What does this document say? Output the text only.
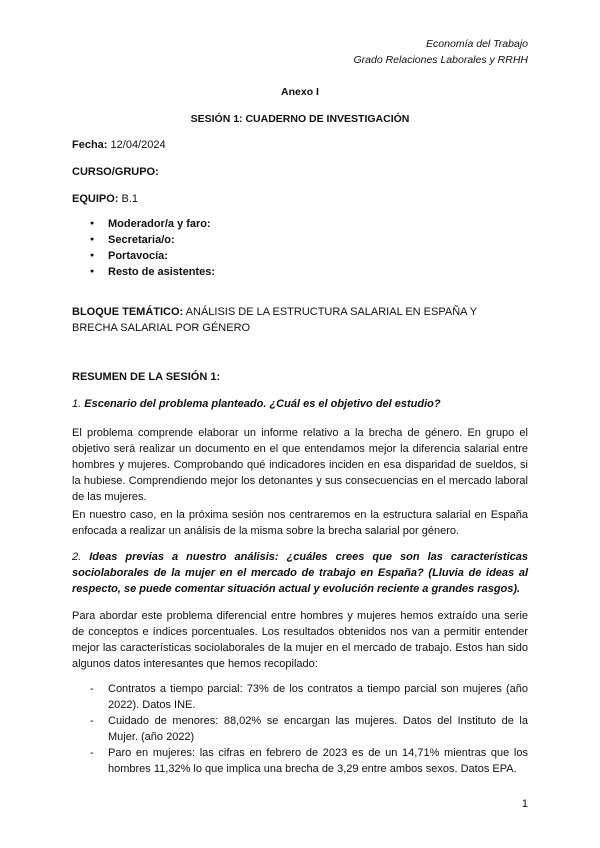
Economía del Trabajo
Grado Relaciones Laborales y RRHH
Anexo I
SESIÓN 1: CUADERNO DE INVESTIGACIÓN
Fecha: 12/04/2024
CURSO/GRUPO:
EQUIPO: B.1
● Moderador/a y faro:
● Secretaria/o:
● Portavocía:
● Resto de asistentes:
BLOQUE TEMÁTICO: ANÁLISIS DE LA ESTRUCTURA SALARIAL EN ESPAÑA Y
BRECHA SALARIAL POR GÉNERO
RESUMEN DE LA SESIÓN 1:
1. Escenario del problema planteado. ¿Cuál es el objetivo del estudio?
El problema comprende elaborar un informe relativo a la brecha de género. En grupo el objetivo será realizar un documento en el que entendamos mejor la diferencia salarial entre hombres y mujeres. Comprobando qué indicadores inciden en esa disparidad de sueldos, si la hubiese. Comprendiendo mejor los detonantes y sus consecuencias en el mercado laboral de las mujeres.
En nuestro caso, en la próxima sesión nos centraremos en la estructura salarial en España enfocada a realizar un análisis de la misma sobre la brecha salarial por género.
2. Ideas previas a nuestro análisis: ¿cuáles crees que son las características sociolaborales de la mujer en el mercado de trabajo en España? (Lluvia de ideas al respecto, se puede comentar situación actual y evolución reciente a grandes rasgos).
Para abordar este problema diferencial entre hombres y mujeres hemos extraído una serie de conceptos e índices porcentuales. Los resultados obtenidos nos van a permitir entender mejor las características sociolaborales de la mujer en el mercado de trabajo. Estos han sido algunos datos interesantes que hemos recopilado:
- Contratos a tiempo parcial: 73% de los contratos a tiempo parcial son mujeres (año 2022). Datos INE.
- Cuidado de menores: 88,02% se encargan las mujeres. Datos del Instituto de la Mujer. (año 2022)
- Paro en mujeres: las cifras en febrero de 2023 es de un 14,71% mientras que los hombres 11,32% lo que implica una brecha de 3,29 entre ambos sexos. Datos EPA.
1
